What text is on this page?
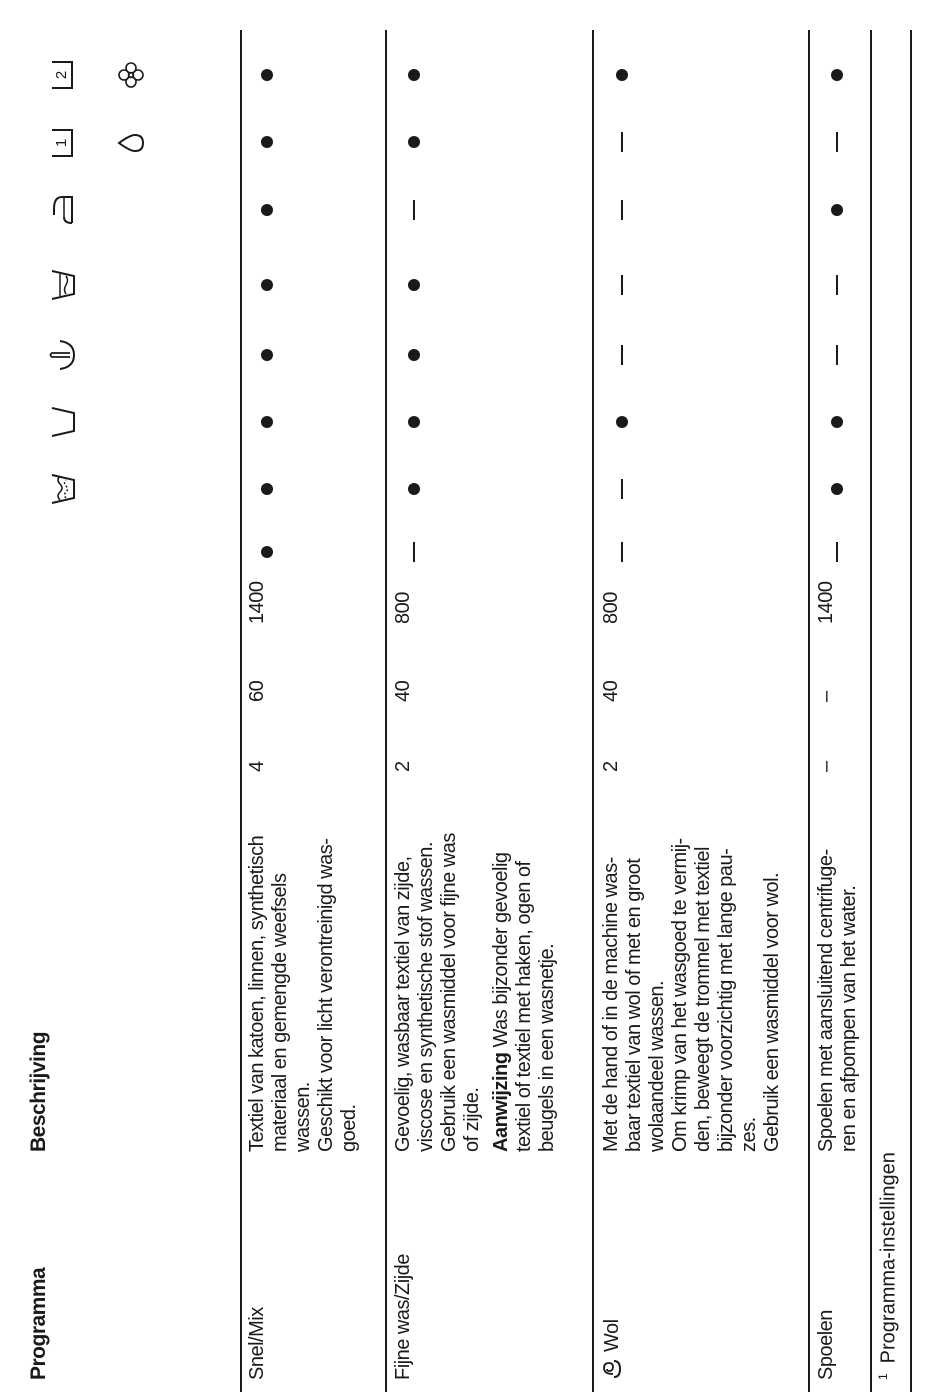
Programma
Beschrijving
1
2
Snel/Mix
Textiel van katoen, linnen, synthetisch
materiaal en gemengde weefsels
wassen.
Geschikt voor licht verontreinigd was-
goed.
4
60
1400
Fijne was/Zijde
Gevoelig, wasbaar textiel van zijde,
viscose en synthetische stof wassen.
Gebruik een wasmiddel voor fijne was
of zijde. Aanwijzing Was bijzonder gevoelig
textiel of textiel met haken, ogen of
beugels in een wasnetje.
2
40
800
Wol
Met de hand of in de machine was-
baar textiel van wol of met en groot
wolaandeel wassen.
Om krimp van het wasgoed te vermij-
den, beweegt de trommel met textiel
bijzonder voorzichtig met lange pau-
zes.
Gebruik een wasmiddel voor wol.
2
40
800
Spoelen
Spoelen met aansluitend centrifuge-
ren en afpompen van het water.
–
–
1400
$^1$Programma-instellingen
